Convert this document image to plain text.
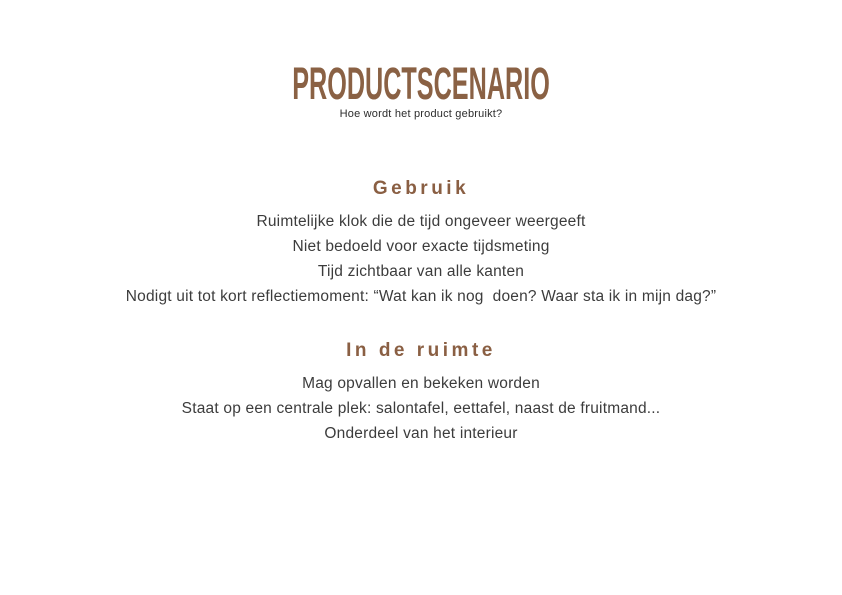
PRODUCTSCENARIO

Hoe wordt het product gebruikt?

Gebruik

Ruimtelijke klok die de tijd ongeveer weergeeft

Niet bedoeld voor exacte tijdsmeting

Tijd zichtbaar van alle kanten

Nodigt uit tot kort reflectiemoment: “Wat kan ik nog  doen? Waar sta ik in mijn dag?”

In de ruimte

Mag opvallen en bekeken worden

Staat op een centrale plek: salontafel, eettafel, naast de fruitmand...

Onderdeel van het interieur
